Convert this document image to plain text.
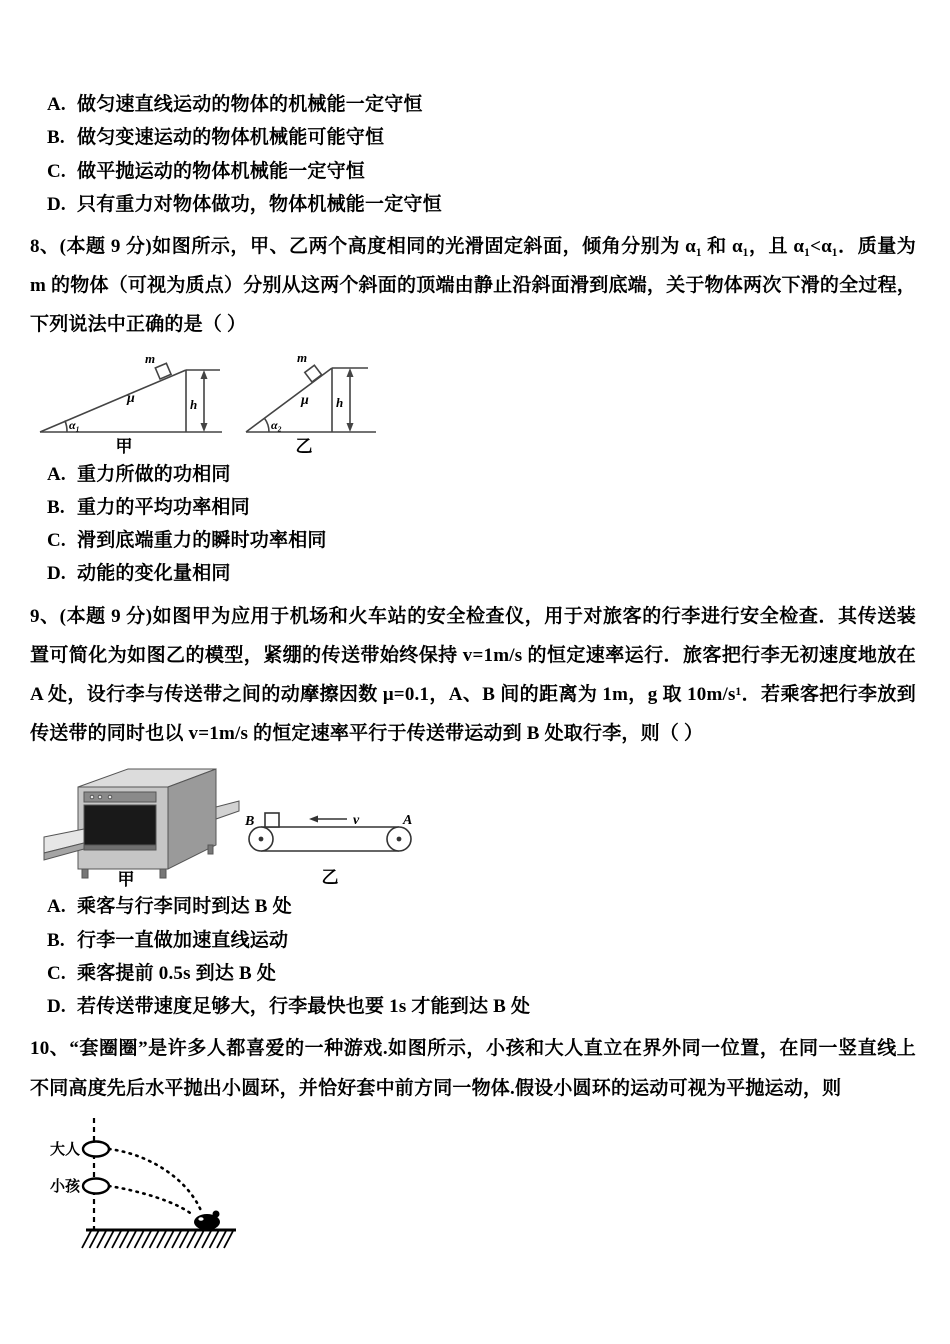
A. 做匀速直线运动的物体的机械能一定守恒
B. 做匀变速运动的物体机械能可能守恒
C. 做平抛运动的物体机械能一定守恒
D. 只有重力对物体做功，物体机械能一定守恒

8、(本题 9 分)如图所示，甲、乙两个高度相同的光滑固定斜面，倾角分别为 α₁ 和 α₁，且 α₁<α₁．质量为 m 的物体（可视为质点）分别从这两个斜面的顶端由静止沿斜面滑到底端，关于物体两次下滑的全过程，下列说法中正确的是（ ）

m
μ	h
α₁
甲
m
μ h
α₂
乙
A. 重力所做的功相同
B. 重力的平均功率相同
C. 滑到底端重力的瞬时功率相同
D. 动能的变化量相同

9、(本题 9 分)如图甲为应用于机场和火车站的安全检查仪，用于对旅客的行李进行安全检查．其传送装置可简化为如图乙的模型，紧绷的传送带始终保持 v=1m/s 的恒定速率运行．旅客把行李无初速度地放在 A 处，设行李与传送带之间的动摩擦因数 μ=0.1，A、B 间的距离为 1m，g 取 10m/s¹．若乘客把行李放到传送带的同时也以 v=1m/s 的恒定速率平行于传送带运动到 B 处取行李，则（ ）

甲
B	A
v
乙
A. 乘客与行李同时到达 B 处
B. 行李一直做加速直线运动
C. 乘客提前 0.5s 到达 B 处
D. 若传送带速度足够大，行李最快也要 1s 才能到达 B 处

10、“套圈圈”是许多人都喜爱的一种游戏.如图所示，小孩和大人直立在界外同一位置，在同一竖直线上不同高度先后水平抛出小圆环，并恰好套中前方同一物体.假设小圆环的运动可视为平抛运动，则

大人
小孩
